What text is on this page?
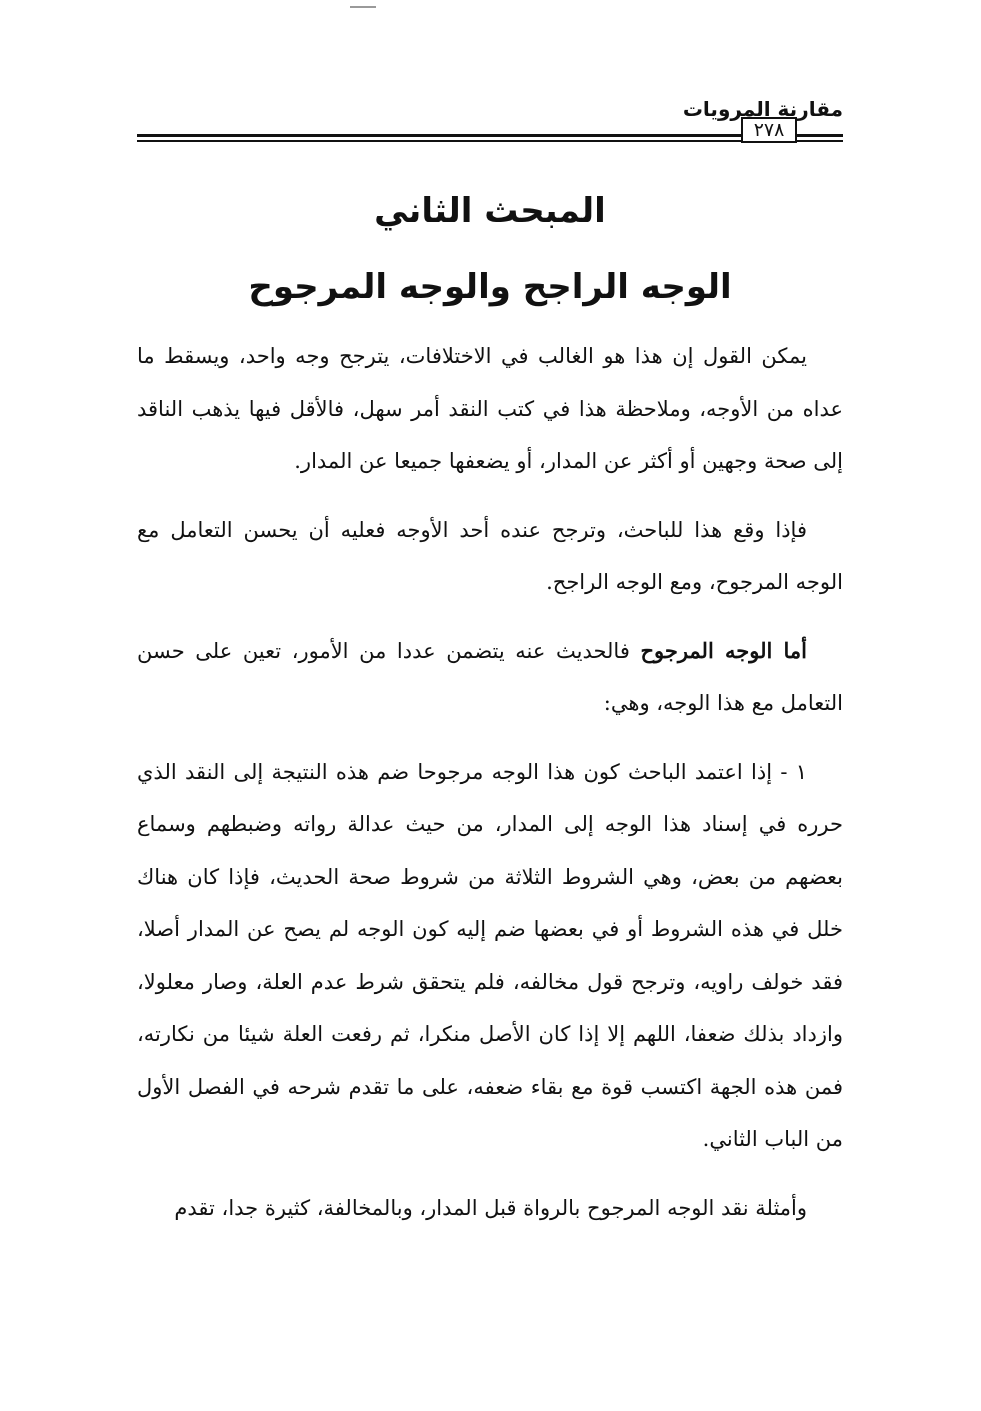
مقارنة المرويات
٢٧٨
المبحث الثاني
الوجه الراجح والوجه المرجوح

يمكن القول إن هذا هو الغالب في الاختلافات، يترجح وجه واحد، ويسقط ما عداه من الأوجه، وملاحظة هذا في كتب النقد أمر سهل، فالأقل فيها يذهب الناقد إلى صحة وجهين أو أكثر عن المدار، أو يضعفها جميعا عن المدار.

فإذا وقع هذا للباحث، وترجح عنده أحد الأوجه فعليه أن يحسن التعامل مع الوجه المرجوح، ومع الوجه الراجح.

أما الوجه المرجوح فالحديث عنه يتضمن عددا من الأمور، تعين على حسن التعامل مع هذا الوجه، وهي:

١ - إذا اعتمد الباحث كون هذا الوجه مرجوحا ضم هذه النتيجة إلى النقد الذي حرره في إسناد هذا الوجه إلى المدار، من حيث عدالة رواته وضبطهم وسماع بعضهم من بعض، وهي الشروط الثلاثة من شروط صحة الحديث، فإذا كان هناك خلل في هذه الشروط أو في بعضها ضم إليه كون الوجه لم يصح عن المدار أصلا، فقد خولف راويه، وترجح قول مخالفه، فلم يتحقق شرط عدم العلة، وصار معلولا، وازداد بذلك ضعفا، اللهم إلا إذا كان الأصل منكرا، ثم رفعت العلة شيئا من نكارته، فمن هذه الجهة اكتسب قوة مع بقاء ضعفه، على ما تقدم شرحه في الفصل الأول من الباب الثاني.

وأمثلة نقد الوجه المرجوح بالرواة قبل المدار، وبالمخالفة، كثيرة جدا، تقدم
